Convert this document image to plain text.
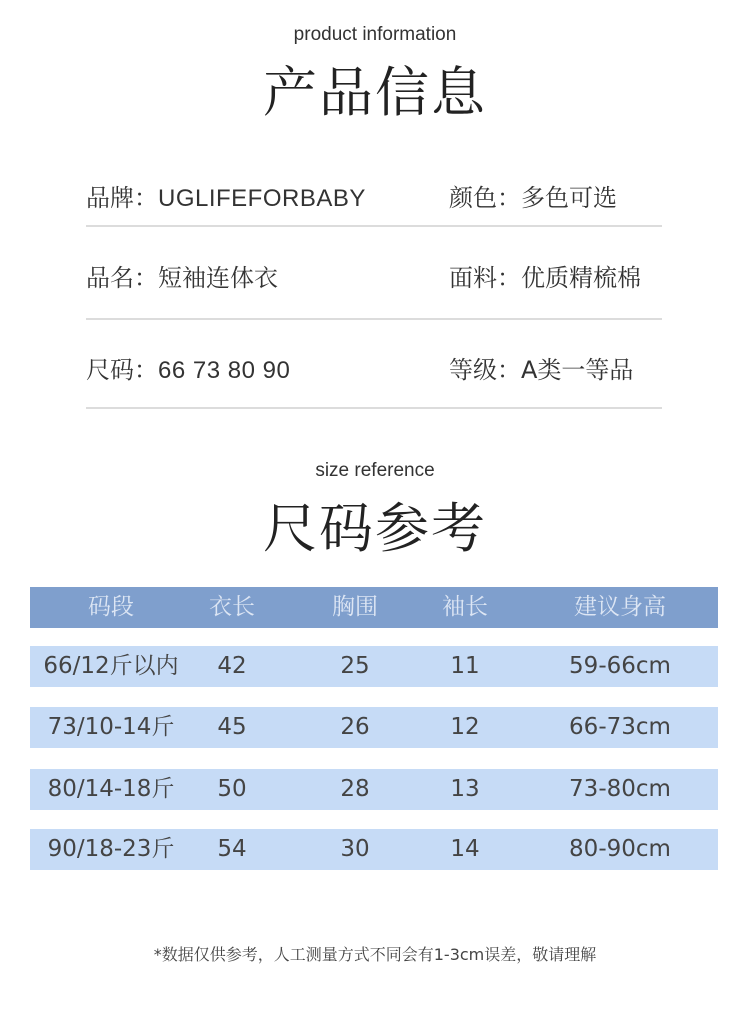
product information
产品信息
品牌：UGLIFEFORBABY	颜色：多色可选
品名：短袖连体衣	面料：优质精梳棉
尺码：66 73 80 90	等级：A类一等品
size reference
尺码参考
码段	衣长	胸围	袖长	建议身高
66/12斤以内	42	25	11	59-66cm
73/10-14斤	45	26	12	66-73cm
80/14-18斤	50	28	13	73-80cm
90/18-23斤	54	30	14	80-90cm
*数据仅供参考，人工测量方式不同会有1-3cm误差，敬请理解
